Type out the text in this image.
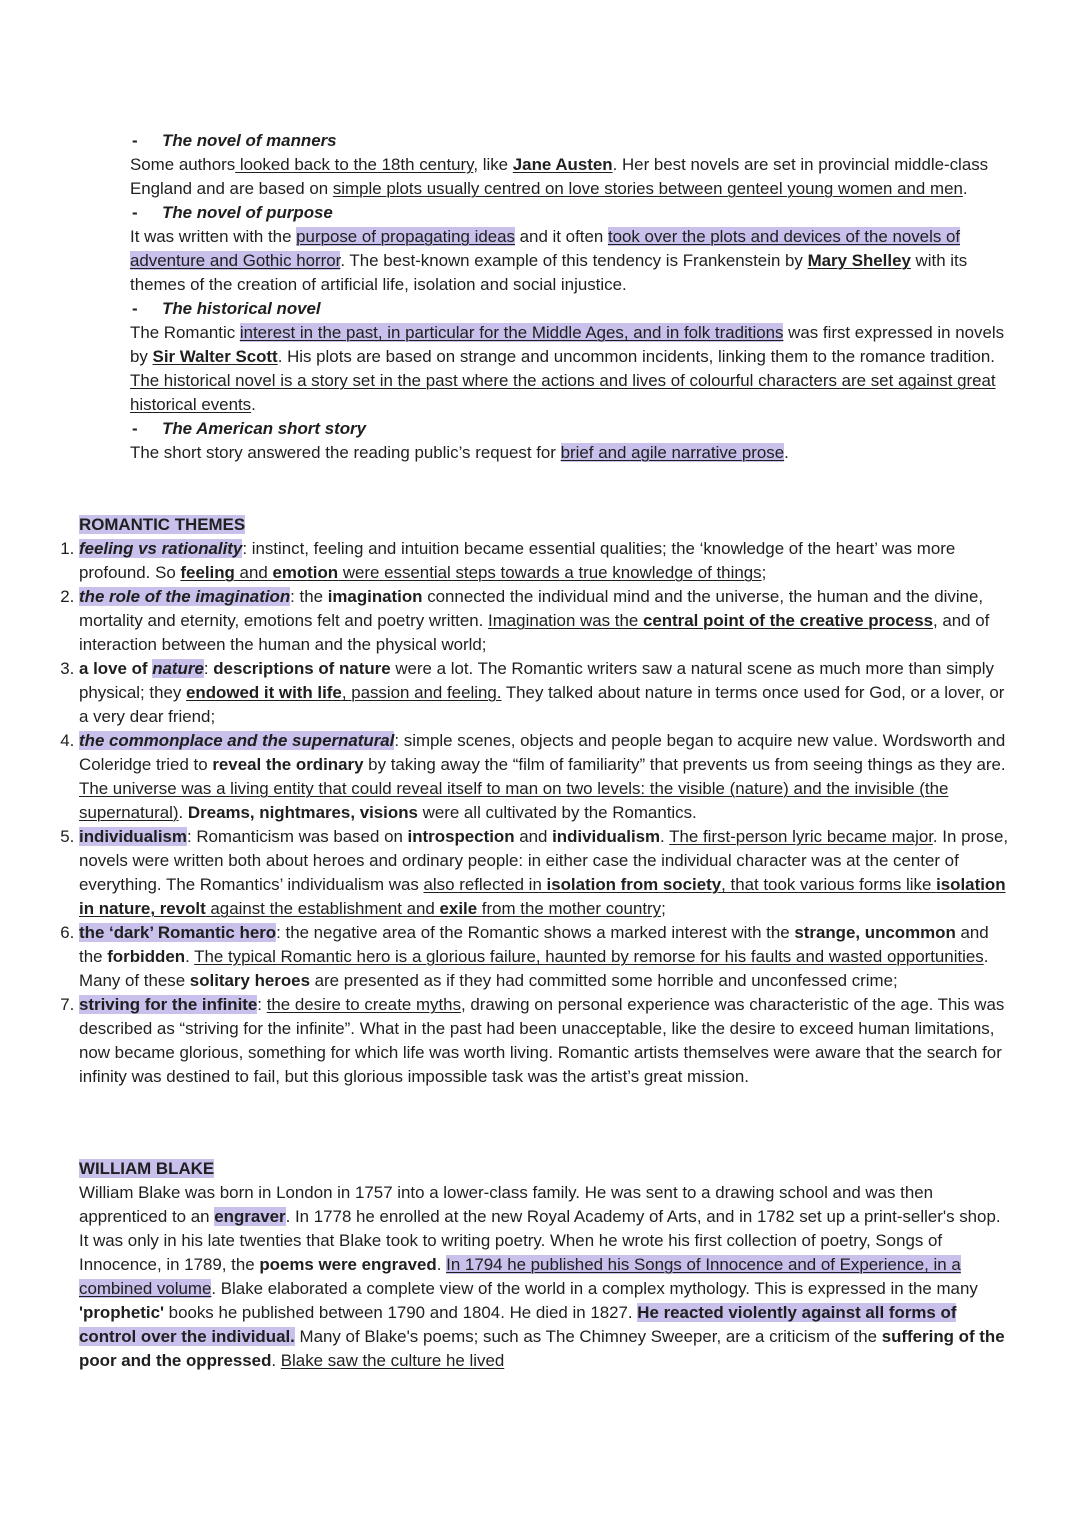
- The novel of manners

Some authors looked back to the 18th century, like Jane Austen. Her best novels are set in provincial middle-class England and are based on simple plots usually centred on love stories between genteel young women and men.

- The novel of purpose

It was written with the purpose of propagating ideas and it often took over the plots and devices of the novels of adventure and Gothic horror. The best-known example of this tendency is Frankenstein by Mary Shelley with its themes of the creation of artificial life, isolation and social injustice.

- The historical novel

The Romantic interest in the past, in particular for the Middle Ages, and in folk traditions was first expressed in novels by Sir Walter Scott. His plots are based on strange and uncommon incidents, linking them to the romance tradition. The historical novel is a story set in the past where the actions and lives of colourful characters are set against great historical events.

- The American short story

The short story answered the reading public’s request for brief and agile narrative prose.

ROMANTIC THEMES

1. feeling vs rationality: instinct, feeling and intuition became essential qualities; the ‘knowledge of the heart’ was more profound. So feeling and emotion were essential steps towards a true knowledge of things;
2. the role of the imagination: the imagination connected the individual mind and the universe, the human and the divine, mortality and eternity, emotions felt and poetry written. Imagination was the central point of the creative process, and of interaction between the human and the physical world;
3. a love of nature: descriptions of nature were a lot. The Romantic writers saw a natural scene as much more than simply physical; they endowed it with life, passion and feeling. They talked about nature in terms once used for God, or a lover, or a very dear friend;
4. the commonplace and the supernatural: simple scenes, objects and people began to acquire new value. Wordsworth and Coleridge tried to reveal the ordinary by taking away the “film of familiarity” that prevents us from seeing things as they are. The universe was a living entity that could reveal itself to man on two levels: the visible (nature) and the invisible (the supernatural). Dreams, nightmares, visions were all cultivated by the Romantics.
5. individualism: Romanticism was based on introspection and individualism. The first-person lyric became major. In prose, novels were written both about heroes and ordinary people: in either case the individual character was at the center of everything. The Romantics’ individualism was also reflected in isolation from society, that took various forms like isolation in nature, revolt against the establishment and exile from the mother country;
6. the ‘dark’ Romantic hero: the negative area of the Romantic shows a marked interest with the strange, uncommon and the forbidden. The typical Romantic hero is a glorious failure, haunted by remorse for his faults and wasted opportunities. Many of these solitary heroes are presented as if they had committed some horrible and unconfessed crime;
7. striving for the infinite: the desire to create myths, drawing on personal experience was characteristic of the age. This was described as “striving for the infinite”. What in the past had been unacceptable, like the desire to exceed human limitations, now became glorious, something for which life was worth living. Romantic artists themselves were aware that the search for infinity was destined to fail, but this glorious impossible task was the artist’s great mission.

WILLIAM BLAKE

William Blake was born in London in 1757 into a lower-class family. He was sent to a drawing school and was then apprenticed to an engraver. In 1778 he enrolled at the new Royal Academy of Arts, and in 1782 set up a print-seller's shop. It was only in his late twenties that Blake took to writing poetry. When he wrote his first collection of poetry, Songs of Innocence, in 1789, the poems were engraved. In 1794 he published his Songs of Innocence and of Experience, in a combined volume. Blake elaborated a complete view of the world in a complex mythology. This is expressed in the many 'prophetic' books he published between 1790 and 1804. He died in 1827. He reacted violently against all forms of control over the individual. Many of Blake's poems; such as The Chimney Sweeper, are a criticism of the suffering of the poor and the oppressed. Blake saw the culture he lived
